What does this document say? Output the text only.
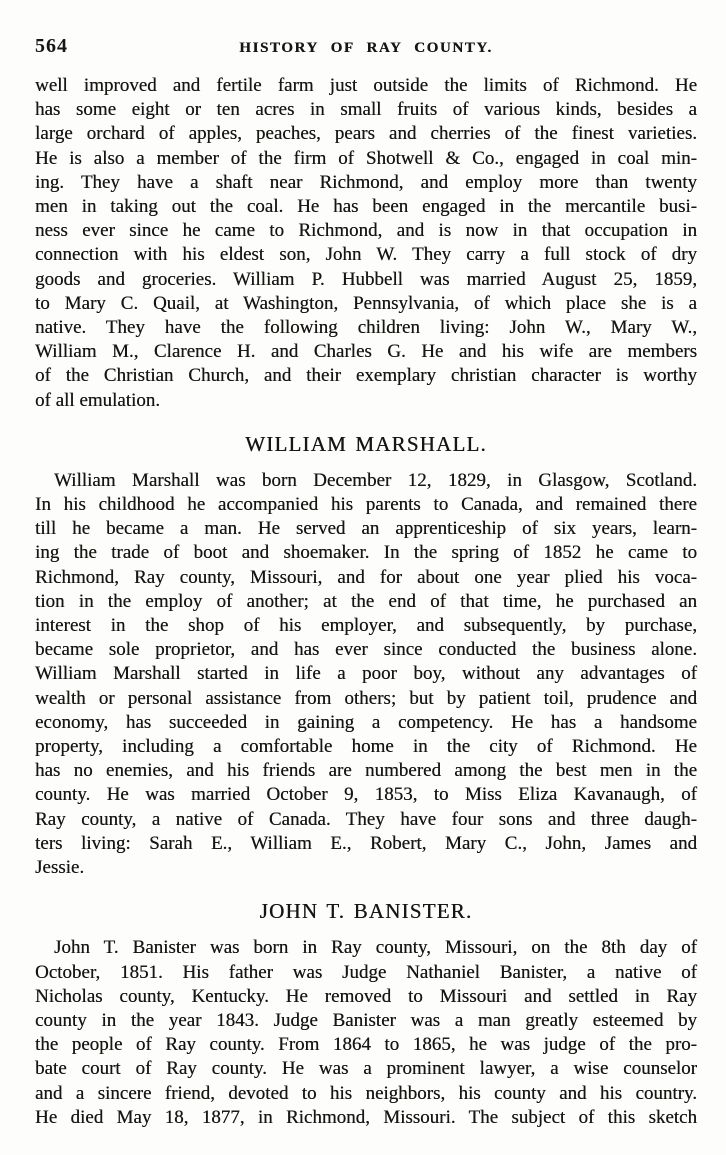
564	HISTORY OF RAY COUNTY.
well improved and fertile farm just outside the limits of Richmond. He
has some eight or ten acres in small fruits of various kinds, besides a
large orchard of apples, peaches, pears and cherries of the finest varieties.
He is also a member of the firm of Shotwell & Co., engaged in coal min-
ing. They have a shaft near Richmond, and employ more than twenty
men in taking out the coal. He has been engaged in the mercantile busi-
ness ever since he came to Richmond, and is now in that occupation in
connection with his eldest son, John W. They carry a full stock of dry
goods and groceries. William P. Hubbell was married August 25, 1859,
to Mary C. Quail, at Washington, Pennsylvania, of which place she is a
native. They have the following children living: John W., Mary W.,
William M., Clarence H. and Charles G. He and his wife are members
of the Christian Church, and their exemplary christian character is worthy
of all emulation.
WILLIAM MARSHALL.
William Marshall was born December 12, 1829, in Glasgow, Scotland.
In his childhood he accompanied his parents to Canada, and remained there
till he became a man. He served an apprenticeship of six years, learn-
ing the trade of boot and shoemaker. In the spring of 1852 he came to
Richmond, Ray county, Missouri, and for about one year plied his voca-
tion in the employ of another; at the end of that time, he purchased an
interest in the shop of his employer, and subsequently, by purchase,
became sole proprietor, and has ever since conducted the business alone.
William Marshall started in life a poor boy, without any advantages of
wealth or personal assistance from others; but by patient toil, prudence and
economy, has succeeded in gaining a competency. He has a handsome
property, including a comfortable home in the city of Richmond. He
has no enemies, and his friends are numbered among the best men in the
county. He was married October 9, 1853, to Miss Eliza Kavanaugh, of
Ray county, a native of Canada. They have four sons and three daugh-
ters living: Sarah E., William E., Robert, Mary C., John, James and
Jessie.
JOHN T. BANISTER.
John T. Banister was born in Ray county, Missouri, on the 8th day of
October, 1851. His father was Judge Nathaniel Banister, a native of
Nicholas county, Kentucky. He removed to Missouri and settled in Ray
county in the year 1843. Judge Banister was a man greatly esteemed by
the people of Ray county. From 1864 to 1865, he was judge of the pro-
bate court of Ray county. He was a prominent lawyer, a wise counselor
and a sincere friend, devoted to his neighbors, his county and his country.
He died May 18, 1877, in Richmond, Missouri. The subject of this sketch
